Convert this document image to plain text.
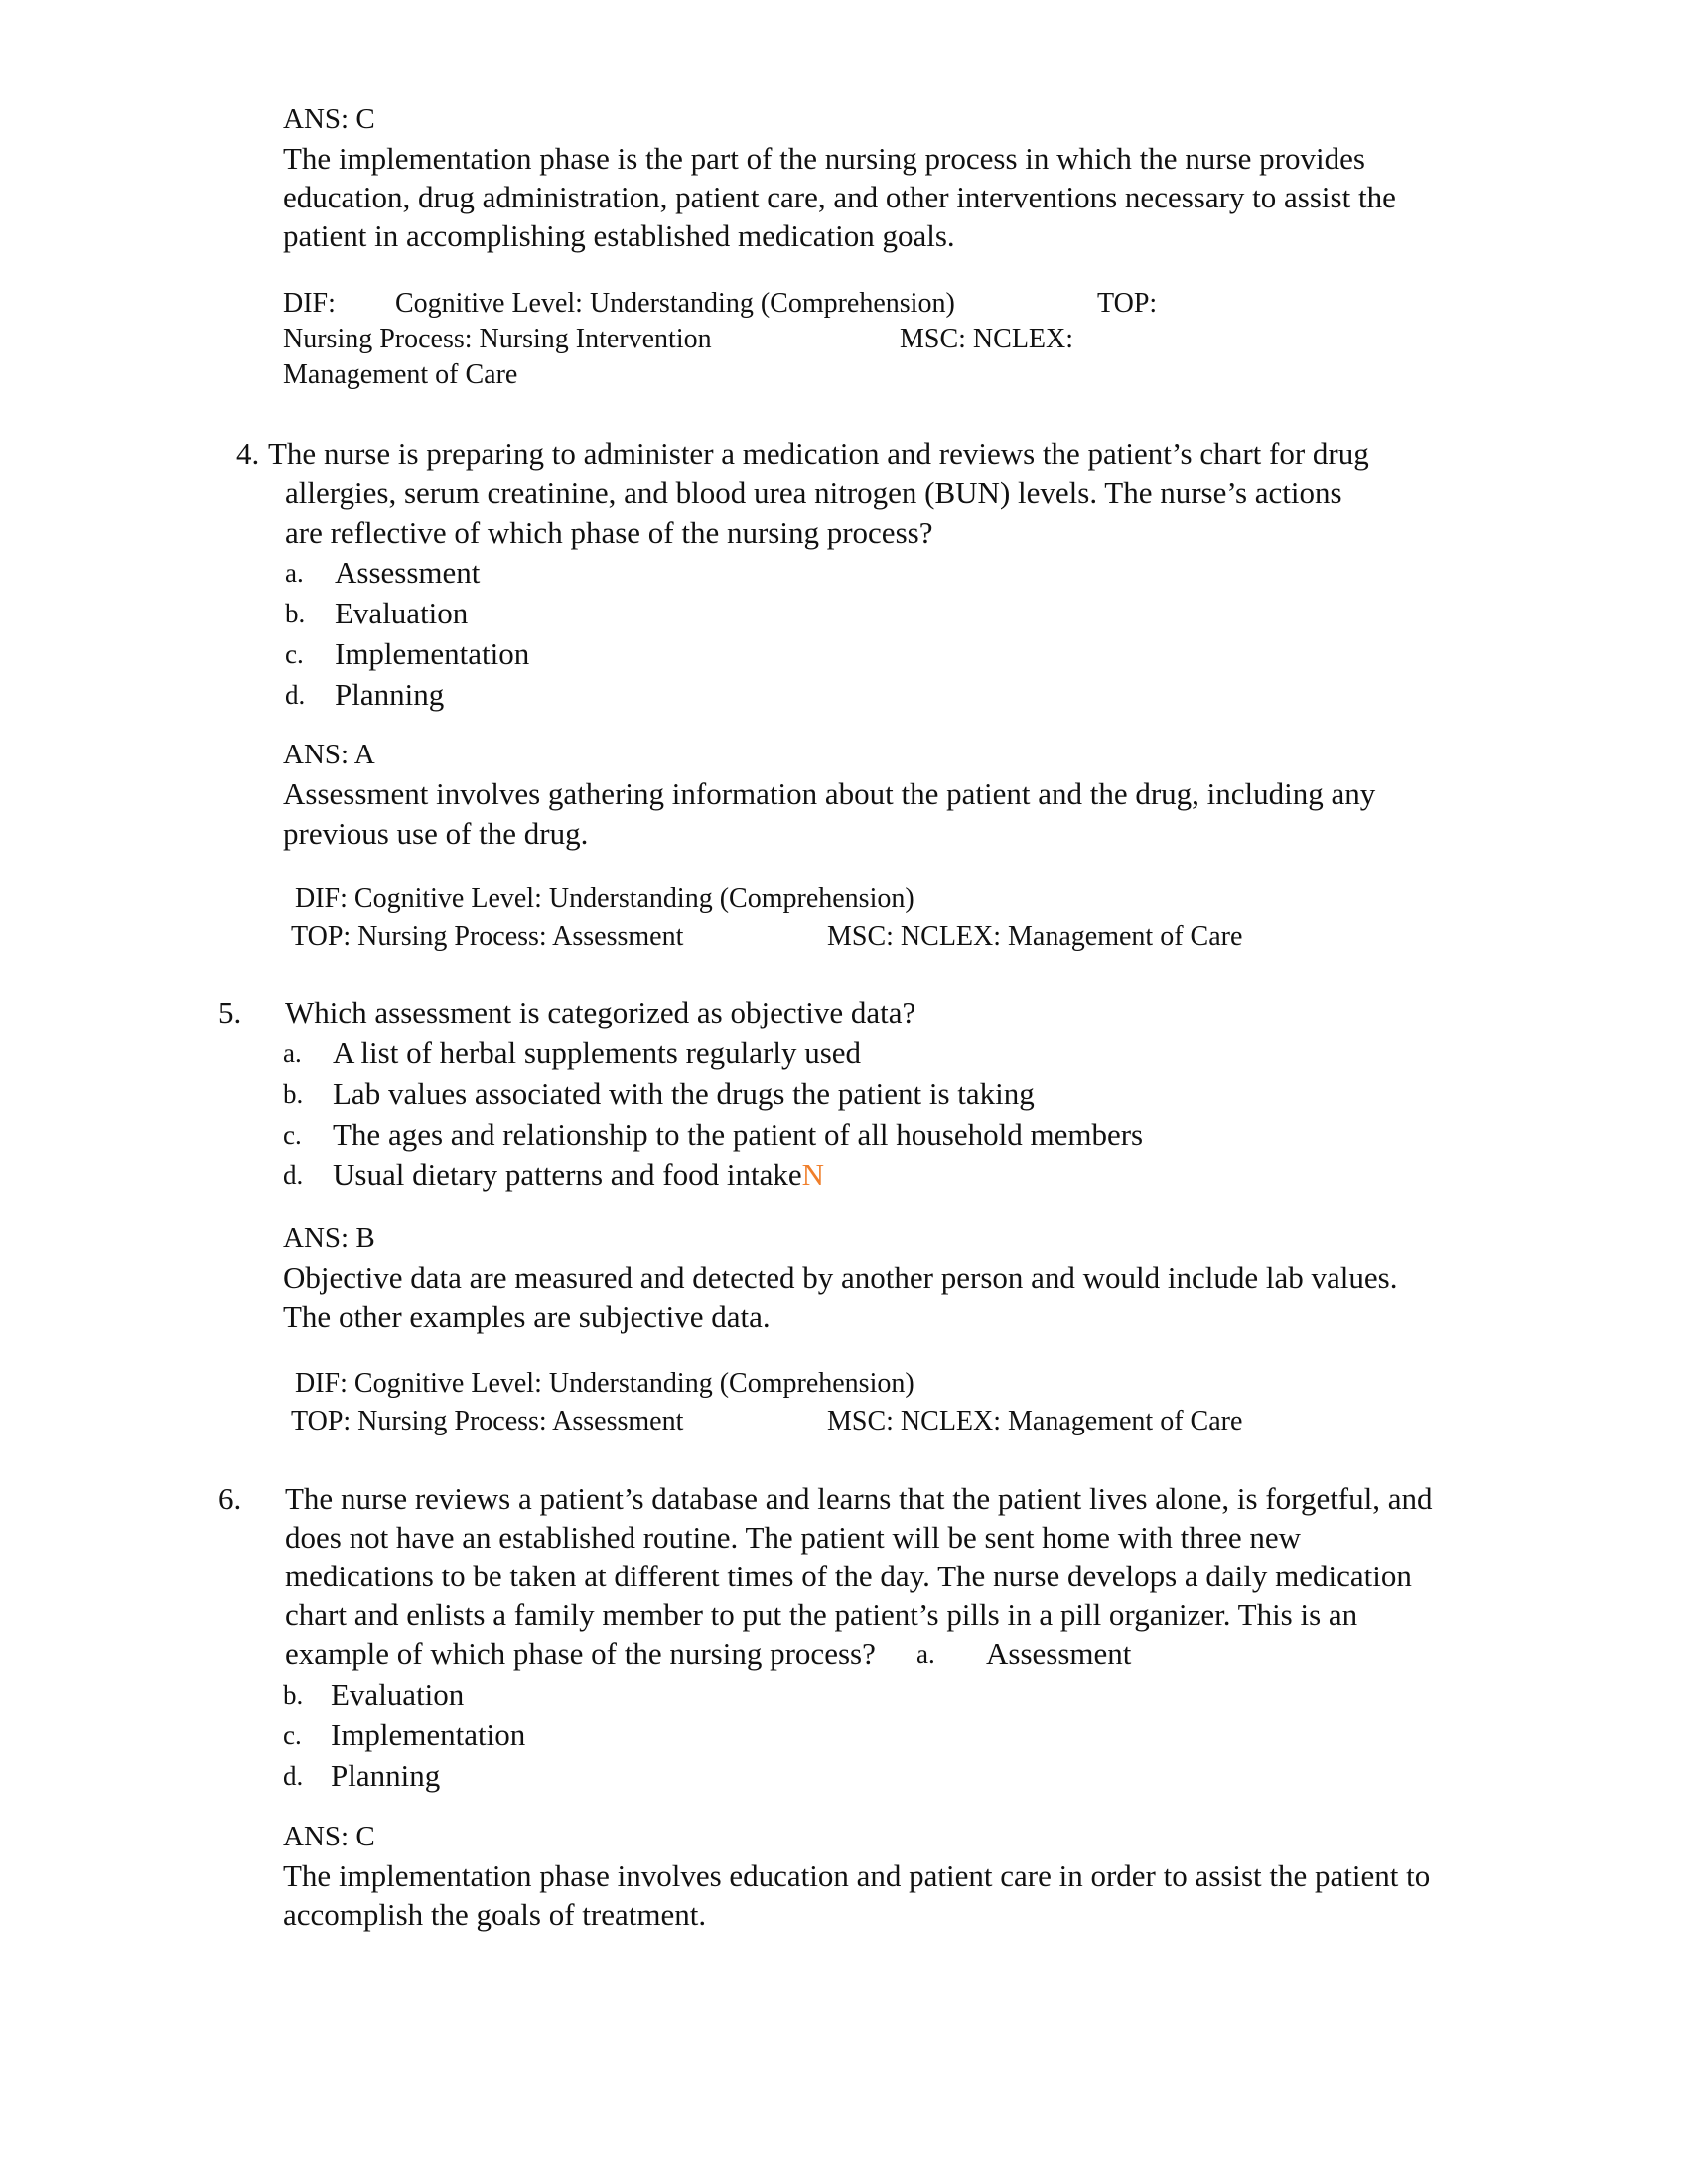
ANS: C
The implementation phase is the part of the nursing process in which the nurse provides
education, drug administration, patient care, and other interventions necessary to assist the
patient in accomplishing established medication goals.
DIF: Cognitive Level: Understanding (Comprehension)	TOP:
Nursing Process: Nursing Intervention	MSC: NCLEX:
Management of Care
4. The nurse is preparing to administer a medication and reviews the patient’s chart for drug
allergies, serum creatinine, and blood urea nitrogen (BUN) levels. The nurse’s actions
are reflective of which phase of the nursing process?
a. Assessment
b. Evaluation
c. Implementation
d. Planning
ANS: A
Assessment involves gathering information about the patient and the drug, including any
previous use of the drug.
DIF: Cognitive Level: Understanding (Comprehension)
TOP: Nursing Process: Assessment	MSC: NCLEX: Management of Care
5. Which assessment is categorized as objective data?
a. A list of herbal supplements regularly used
b. Lab values associated with the drugs the patient is taking
c. The ages and relationship to the patient of all household members
d. Usual dietary patterns and food intakeN
ANS: B
Objective data are measured and detected by another person and would include lab values.
The other examples are subjective data.
DIF: Cognitive Level: Understanding (Comprehension)
TOP: Nursing Process: Assessment	MSC: NCLEX: Management of Care
6. The nurse reviews a patient’s database and learns that the patient lives alone, is forgetful, and
does not have an established routine. The patient will be sent home with three new
medications to be taken at different times of the day. The nurse develops a daily medication
chart and enlists a family member to put the patient’s pills in a pill organizer. This is an
example of which phase of the nursing process? a. Assessment
b. Evaluation
c. Implementation
d. Planning
ANS: C
The implementation phase involves education and patient care in order to assist the patient to
accomplish the goals of treatment.
